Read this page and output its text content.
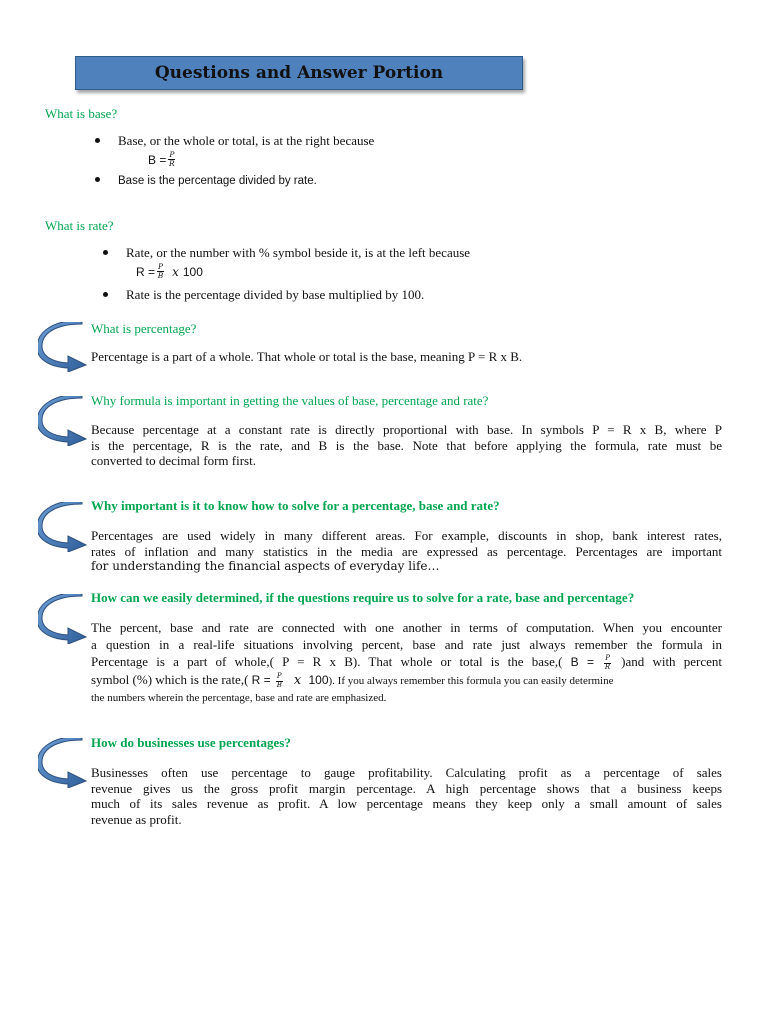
Questions and Answer Portion
What is base?
Base, or the whole or total, is at the right because
$B = \frac{P}{R}$
Base is the percentage divided by rate.
What is rate?
Rate, or the number with % symbol beside it, is at the left because
$R = \frac{P}{B}$ x 100
Rate is the percentage divided by base multiplied by 100.
What is percentage?
Percentage is a part of a whole. That whole or total is the base, meaning P = R x B.
Why formula is important in getting the values of base, percentage and rate?
Because percentage at a constant rate is directly proportional with base. In symbols P = R x B, where P
is the percentage, R is the rate, and B is the base. Note that before applying the formula, rate must be
converted to decimal form first.
Why important is it to know how to solve for a percentage, base and rate?
Percentages are used widely in many different areas. For example, discounts in shop, bank interest rates,
rates of inflation and many statistics in the media are expressed as percentage. Percentages are important
for understanding the financial aspects of everyday life…
How can we easily determined, if the questions require us to solve for a rate, base and percentage?
The percent, base and rate are connected with one another in terms of computation. When you encounter
a question in a real-life situations involving percent, base and rate just always remember the formula in
Percentage is a part of whole,( P = R x B). That whole or total is the base,( $B = \frac{P}{R} )and$ with percent
symbol (%) which is the rate,( $R = \frac{P}{B}$ x 100). If you always remember this formula you can easily determine
the numbers wherein the percentage, base and rate are emphasized.
How do businesses use percentages?
Businesses often use percentage to gauge profitability. Calculating profit as a percentage of sales
revenue gives us the gross profit margin percentage. A high percentage shows that a business keeps
much of its sales revenue as profit. A low percentage means they keep only a small amount of sales
revenue as profit.
